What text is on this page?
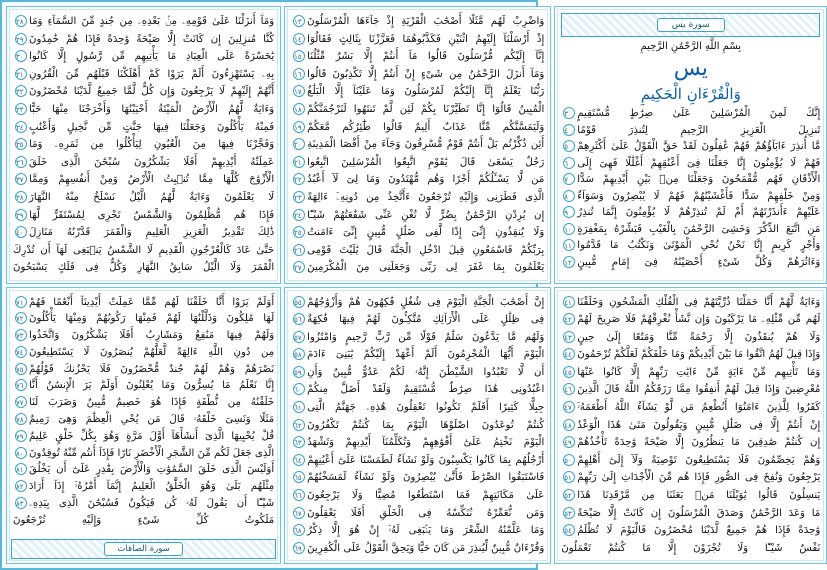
سورة يس
بِسْمِ اللَّهِ الرَّحْمَٰنِ الرَّحِيمِ
يس
وَالْقُرْءَانِ الْحَكِيمِ
إِنَّكَ لَمِنَ الْمُرْسَلِينَ عَلَىٰ صِرَٰطٍ مُّسْتَقِيمٍ٣
تَنزِيلَ الْعَزِيزِ الرَّحِيمِ لِتُنذِرَ قَوْمًا٤
مَّا أُنذِرَ ءَابَآؤُهُمْ فَهُمْ غَٰفِلُونَ لَقَدْ حَقَّ الْقَوْلُ عَلَىٰ أَكْثَرِهِمْ٥
فَهُمْ لَا يُؤْمِنُونَ إِنَّا جَعَلْنَا فِىٓ أَعْنَٰقِهِمْ أَغْلَٰلًا فَهِىَ إِلَى٦
الْأَذْقَانِ فَهُم مُّقْمَحُونَ وَجَعَلْنَا مِنۢ بَيْنِ أَيْدِيهِمْ سَدًّا٧
وَمِنْ خَلْفِهِمْ سَدًّا فَأَغْشَيْنَٰهُمْ فَهُمْ لَا يُبْصِرُونَ وَسَوَآءٌ٨
عَلَيْهِمْ ءَأَنذَرْتَهُمْ أَمْ لَمْ تُنذِرْهُمْ لَا يُؤْمِنُونَ إِنَّمَا تُنذِرُ٩
مَنِ اتَّبَعَ الذِّكْرَ وَخَشِىَ الرَّحْمَٰنَ بِالْغَيْبِ فَبَشِّرْهُ بِمَغْفِرَةٍ١٠
وَأَجْرٍ كَرِيمٍ إِنَّا نَحْنُ نُحْىِ الْمَوْتَىٰ وَنَكْتُبُ مَا قَدَّمُوا١١
وَءَاثَٰرَهُمْ وَكُلَّ شَىْءٍ أَحْصَيْنَٰهُ فِىٓ إِمَامٍ مُّبِينٍ١٢
وَاضْرِبْ لَهُم مَّثَلًا أَصْحَٰبَ الْقَرْيَةِ إِذْ جَآءَهَا الْمُرْسَلُونَ١٣
إِذْ أَرْسَلْنَآ إِلَيْهِمُ اثْنَيْنِ فَكَذَّبُوهُمَا فَعَزَّزْنَا بِثَالِثٍ فَقَالُوٓا١٤
إِنَّآ إِلَيْكُم مُّرْسَلُونَ قَالُوا مَآ أَنتُمْ إِلَّا بَشَرٌ مِّثْلُنَا١٥
وَمَآ أَنزَلَ الرَّحْمَٰنُ مِن شَىْءٍ إِنْ أَنتُمْ إِلَّا تَكْذِبُونَ قَالُوا١٦
رَبُّنَا يَعْلَمُ إِنَّآ إِلَيْكُمْ لَمُرْسَلُونَ وَمَا عَلَيْنَآ إِلَّا الْبَلَٰغُ١٧
الْمُبِينُ قَالُوٓا إِنَّا تَطَيَّرْنَا بِكُمْ لَئِن لَّمْ تَنتَهُوا لَنَرْجُمَنَّكُمْ١٨
وَلَيَمَسَّنَّكُم مِّنَّا عَذَابٌ أَلِيمٌ قَالُوا طَٰٓئِرُكُم مَّعَكُمْ١٩
أَئِن ذُكِّرْتُم بَلْ أَنتُمْ قَوْمٌ مُّسْرِفُونَ وَجَآءَ مِنْ أَقْصَا الْمَدِينَةِ٢٠
رَجُلٌ يَسْعَىٰ قَالَ يَٰقَوْمِ اتَّبِعُوا الْمُرْسَلِينَ اتَّبِعُوا٢١
مَن لَّا يَسْـَٔلُكُمْ أَجْرًا وَهُم مُّهْتَدُونَ وَمَا لِىَ لَآ أَعْبُدُ٢٢
الَّذِى فَطَرَنِى وَإِلَيْهِ تُرْجَعُونَ ءَأَتَّخِذُ مِن دُونِهِۦٓ ءَالِهَةً٢٣
إِن يُرِدْنِ الرَّحْمَٰنُ بِضُرٍّ لَّا تُغْنِ عَنِّى شَفَٰعَتُهُمْ شَيْـًٔا٢٤
وَلَا يُنقِذُونِ إِنِّىٓ إِذًا لَّفِى ضَلَٰلٍ مُّبِينٍ إِنِّىٓ ءَامَنتُ٢٥
بِرَبِّكُمْ فَاسْمَعُونِ قِيلَ ادْخُلِ الْجَنَّةَ قَالَ يَٰلَيْتَ قَوْمِى٢٦
يَعْلَمُونَ بِمَا غَفَرَ لِى رَبِّى وَجَعَلَنِى مِنَ الْمُكْرَمِينَ٢٧
وَمَآ أَنزَلْنَا عَلَىٰ قَوْمِهِۦ مِنۢ بَعْدِهِۦ مِن جُندٍ مِّنَ السَّمَآءِ وَمَا٢٨
كُنَّا مُنزِلِينَ إِن كَانَتْ إِلَّا صَيْحَةً وَٰحِدَةً فَإِذَا هُمْ خَٰمِدُونَ٢٩
يَٰحَسْرَةً عَلَى الْعِبَادِ مَا يَأْتِيهِم مِّن رَّسُولٍ إِلَّا كَانُوا٣٠
بِهِۦ يَسْتَهْزِءُونَ أَلَمْ يَرَوْا كَمْ أَهْلَكْنَا قَبْلَهُم مِّنَ الْقُرُونِ٣١
أَنَّهُمْ إِلَيْهِمْ لَا يَرْجِعُونَ وَإِن كُلٌّ لَّمَّا جَمِيعٌ لَّدَيْنَا مُحْضَرُونَ٣٢
وَءَايَةٌ لَّهُمُ الْأَرْضُ الْمَيْتَةُ أَحْيَيْنَٰهَا وَأَخْرَجْنَا مِنْهَا حَبًّا٣٣
فَمِنْهُ يَأْكُلُونَ وَجَعَلْنَا فِيهَا جَنَّٰتٍ مِّن نَّخِيلٍ وَأَعْنَٰبٍ٣٤
وَفَجَّرْنَا فِيهَا مِنَ الْعُيُونِ لِيَأْكُلُوا مِن ثَمَرِهِۦ وَمَا٣٥
عَمِلَتْهُ أَيْدِيهِمْ أَفَلَا يَشْكُرُونَ سُبْحَٰنَ الَّذِى خَلَقَ٣٦
الْأَزْوَٰجَ كُلَّهَا مِمَّا تُنۢبِتُ الْأَرْضُ وَمِنْ أَنفُسِهِمْ وَمِمَّا٣٧
لَا يَعْلَمُونَ وَءَايَةٌ لَّهُمُ الَّيْلُ نَسْلَخُ مِنْهُ النَّهَارَ٣٨
فَإِذَا هُم مُّظْلِمُونَ وَالشَّمْسُ تَجْرِى لِمُسْتَقَرٍّ لَّهَا٣٩
ذَٰلِكَ تَقْدِيرُ الْعَزِيزِ الْعَلِيمِ وَالْقَمَرَ قَدَّرْنَٰهُ مَنَازِلَ٤٠
حَتَّىٰ عَادَ كَالْعُرْجُونِ الْقَدِيمِ لَا الشَّمْسُ يَنۢبَغِى لَهَآ أَن تُدْرِكَ
الْقَمَرَ وَلَا الَّيْلُ سَابِقُ النَّهَارِ وَكُلٌّ فِى فَلَكٍ يَسْبَحُونَ
وَءَايَةٌ لَّهُمْ أَنَّا حَمَلْنَا ذُرِّيَّتَهُمْ فِى الْفُلْكِ الْمَشْحُونِ وَخَلَقْنَا٤١
لَهُم مِّن مِّثْلِهِۦ مَا يَرْكَبُونَ وَإِن نَّشَأْ نُغْرِقْهُمْ فَلَا صَرِيخَ لَهُمْ٤٢
وَلَا هُمْ يُنقَذُونَ إِلَّا رَحْمَةً مِّنَّا وَمَتَٰعًا إِلَىٰ حِينٍ٤٣
وَإِذَا قِيلَ لَهُمُ اتَّقُوا مَا بَيْنَ أَيْدِيكُمْ وَمَا خَلْفَكُمْ لَعَلَّكُمْ تُرْحَمُونَ٤٤
وَمَا تَأْتِيهِم مِّنْ ءَايَةٍ مِّنْ ءَايَٰتِ رَبِّهِمْ إِلَّا كَانُوا عَنْهَا٤٥
مُعْرِضِينَ وَإِذَا قِيلَ لَهُمْ أَنفِقُوا مِمَّا رَزَقَكُمُ اللَّهُ قَالَ الَّذِينَ٤٦
كَفَرُوا لِلَّذِينَ ءَامَنُوٓا أَنُطْعِمُ مَن لَّوْ يَشَآءُ اللَّهُ أَطْعَمَهُۥٓ٤٧
إِنْ أَنتُمْ إِلَّا فِى ضَلَٰلٍ مُّبِينٍ وَيَقُولُونَ مَتَىٰ هَٰذَا الْوَعْدُ٤٨
إِن كُنتُمْ صَٰدِقِينَ مَا يَنظُرُونَ إِلَّا صَيْحَةً وَٰحِدَةً تَأْخُذُهُمْ٤٩
وَهُمْ يَخِصِّمُونَ فَلَا يَسْتَطِيعُونَ تَوْصِيَةً وَلَآ إِلَىٰٓ أَهْلِهِمْ٥٠
يَرْجِعُونَ وَنُفِخَ فِى الصُّورِ فَإِذَا هُم مِّنَ الْأَجْدَاثِ إِلَىٰ رَبِّهِمْ٥١
يَنسِلُونَ قَالُوا يَٰوَيْلَنَا مَنۢ بَعَثَنَا مِن مَّرْقَدِنَا هَٰذَا٥٢
مَا وَعَدَ الرَّحْمَٰنُ وَصَدَقَ الْمُرْسَلُونَ إِن كَانَتْ إِلَّا صَيْحَةً٥٣
وَٰحِدَةً فَإِذَا هُمْ جَمِيعٌ لَّدَيْنَا مُحْضَرُونَ فَالْيَوْمَ لَا تُظْلَمُ٥٤
نَفْسٌ شَيْـًٔا وَلَا تُجْزَوْنَ إِلَّا مَا كُنتُمْ تَعْمَلُونَ
إِنَّ أَصْحَٰبَ الْجَنَّةِ الْيَوْمَ فِى شُغُلٍ فَٰكِهُونَ هُمْ وَأَزْوَٰجُهُمْ٥٥
فِى ظِلَٰلٍ عَلَى الْأَرَآئِكِ مُتَّكِـُٔونَ لَهُمْ فِيهَا فَٰكِهَةٌ٥٦
وَلَهُم مَّا يَدَّعُونَ سَلَٰمٌ قَوْلًا مِّن رَّبٍّ رَّحِيمٍ وَامْتَٰزُوا٥٧
الْيَوْمَ أَيُّهَا الْمُجْرِمُونَ أَلَمْ أَعْهَدْ إِلَيْكُمْ يَٰبَنِىٓ ءَادَمَ٥٨
أَن لَّا تَعْبُدُوا الشَّيْطَٰنَ إِنَّهُۥ لَكُمْ عَدُوٌّ مُّبِينٌ وَأَنِ٥٩
اعْبُدُونِى هَٰذَا صِرَٰطٌ مُّسْتَقِيمٌ وَلَقَدْ أَضَلَّ مِنكُمْ٦٠
جِبِلًّا كَثِيرًا أَفَلَمْ تَكُونُوا تَعْقِلُونَ هَٰذِهِۦ جَهَنَّمُ الَّتِى٦١
كُنتُمْ تُوعَدُونَ اصْلَوْهَا الْيَوْمَ بِمَا كُنتُمْ تَكْفُرُونَ٦٢
الْيَوْمَ نَخْتِمُ عَلَىٰٓ أَفْوَٰهِهِمْ وَتُكَلِّمُنَآ أَيْدِيهِمْ وَتَشْهَدُ٦٣
أَرْجُلُهُم بِمَا كَانُوا يَكْسِبُونَ وَلَوْ نَشَآءُ لَطَمَسْنَا عَلَىٰٓ أَعْيُنِهِمْ٦٤
فَاسْتَبَقُوا الصِّرَٰطَ فَأَنَّىٰ يُبْصِرُونَ وَلَوْ نَشَآءُ لَمَسَخْنَٰهُمْ٦٥
عَلَىٰ مَكَانَتِهِمْ فَمَا اسْتَطَٰعُوا مُضِيًّا وَلَا يَرْجِعُونَ٦٦
وَمَن نُّعَمِّرْهُ نُنَكِّسْهُ فِى الْخَلْقِ أَفَلَا يَعْقِلُونَ٦٧
وَمَا عَلَّمْنَٰهُ الشِّعْرَ وَمَا يَنۢبَغِى لَهُۥٓ إِنْ هُوَ إِلَّا ذِكْرٌ٦٨
وَقُرْءَانٌ مُّبِينٌ لِّيُنذِرَ مَن كَانَ حَيًّا وَيَحِقَّ الْقَوْلُ عَلَى الْكَٰفِرِينَ٦٩
أَوَلَمْ يَرَوْا أَنَّا خَلَقْنَا لَهُم مِّمَّا عَمِلَتْ أَيْدِينَآ أَنْعَٰمًا فَهُمْ٧١
لَهَا مَٰلِكُونَ وَذَلَّلْنَٰهَا لَهُمْ فَمِنْهَا رَكُوبُهُمْ وَمِنْهَا يَأْكُلُونَ٧٢
وَلَهُمْ فِيهَا مَنَٰفِعُ وَمَشَارِبُ أَفَلَا يَشْكُرُونَ وَاتَّخَذُوا٧٣
مِن دُونِ اللَّهِ ءَالِهَةً لَّعَلَّهُمْ يُنصَرُونَ لَا يَسْتَطِيعُونَ٧٤
نَصْرَهُمْ وَهُمْ لَهُمْ جُندٌ مُّحْضَرُونَ فَلَا يَحْزُنكَ قَوْلُهُمْ٧٥
إِنَّا نَعْلَمُ مَا يُسِرُّونَ وَمَا يُعْلِنُونَ أَوَلَمْ يَرَ الْإِنسَٰنُ أَنَّا٧٦
خَلَقْنَٰهُ مِن نُّطْفَةٍ فَإِذَا هُوَ خَصِيمٌ مُّبِينٌ وَضَرَبَ لَنَا٧٧
مَثَلًا وَنَسِىَ خَلْقَهُۥ قَالَ مَن يُحْىِ الْعِظَٰمَ وَهِىَ رَمِيمٌ٧٨
قُلْ يُحْيِيهَا الَّذِىٓ أَنشَأَهَآ أَوَّلَ مَرَّةٍ وَهُوَ بِكُلِّ خَلْقٍ عَلِيمٌ٧٩
الَّذِى جَعَلَ لَكُم مِّنَ الشَّجَرِ الْأَخْضَرِ نَارًا فَإِذَآ أَنتُم مِّنْهُ تُوقِدُونَ٨٠
أَوَلَيْسَ الَّذِى خَلَقَ السَّمَٰوَٰتِ وَالْأَرْضَ بِقَٰدِرٍ عَلَىٰٓ أَن يَخْلُقَ٨١
مِثْلَهُم بَلَىٰ وَهُوَ الْخَلَّٰقُ الْعَلِيمُ إِنَّمَآ أَمْرُهُۥٓ إِذَآ أَرَادَ٨٢
شَيْـًٔا أَن يَقُولَ لَهُۥ كُن فَيَكُونُ فَسُبْحَٰنَ الَّذِى بِيَدِهِۦ٨٣
مَلَكُوتُ كُلِّ شَىْءٍ وَإِلَيْهِ تُرْجَعُونَ
سورة الصافات
